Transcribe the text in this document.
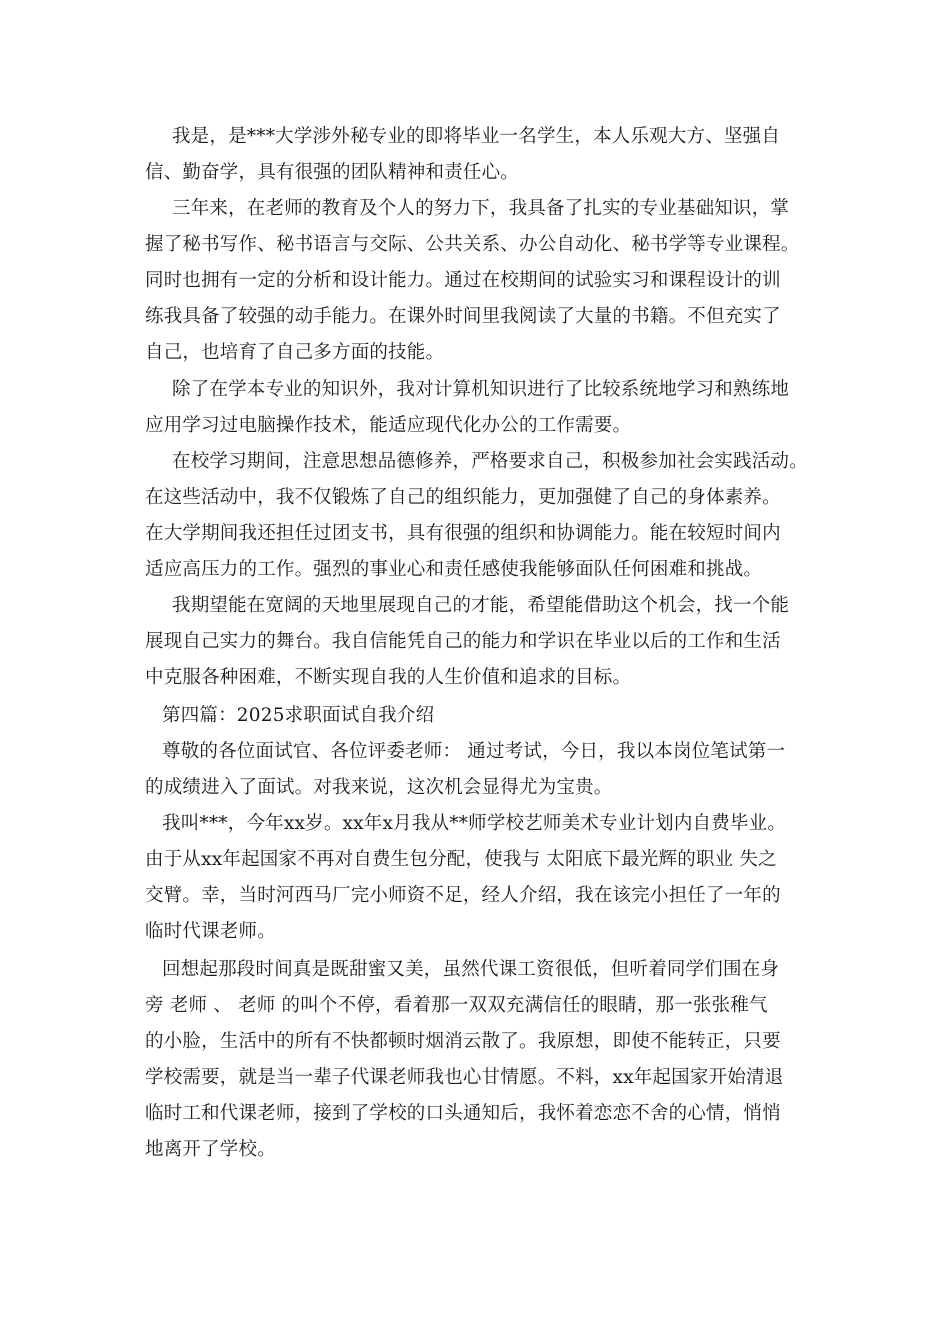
我是，是***大学涉外秘专业的即将毕业一名学生，本人乐观大方、坚强自
信、勤奋学，具有很强的团队精神和责任心。
三年来，在老师的教育及个人的努力下，我具备了扎实的专业基础知识，掌
握了秘书写作、秘书语言与交际、公共关系、办公自动化、秘书学等专业课程。
同时也拥有一定的分析和设计能力。通过在校期间的试验实习和课程设计的训
练我具备了较强的动手能力。在课外时间里我阅读了大量的书籍。不但充实了
自己，也培育了自己多方面的技能。
除了在学本专业的知识外，我对计算机知识进行了比较系统地学习和熟练地
应用学习过电脑操作技术，能适应现代化办公的工作需要。
在校学习期间，注意思想品德修养，严格要求自己，积极参加社会实践活动。
在这些活动中，我不仅锻炼了自己的组织能力，更加强健了自己的身体素养。
在大学期间我还担任过团支书，具有很强的组织和协调能力。能在较短时间内
适应高压力的工作。强烈的事业心和责任感使我能够面队任何困难和挑战。
我期望能在宽阔的天地里展现自己的才能，希望能借助这个机会，找一个能
展现自己实力的舞台。我自信能凭自己的能力和学识在毕业以后的工作和生活
中克服各种困难，不断实现自我的人生价值和追求的目标。
第四篇：2025求职面试自我介绍
尊敬的各位面试官、各位评委老师： 通过考试，今日，我以本岗位笔试第一
的成绩进入了面试。对我来说，这次机会显得尤为宝贵。
我叫***，今年xx岁。xx年x月我从**师学校艺师美术专业计划内自费毕业。
由于从xx年起国家不再对自费生包分配，使我与 太阳底下最光辉的职业 失之
交臂。幸，当时河西马厂完小师资不足，经人介绍，我在该完小担任了一年的
临时代课老师。
回想起那段时间真是既甜蜜又美，虽然代课工资很低，但听着同学们围在身
旁 老师 、 老师 的叫个不停，看着那一双双充满信任的眼睛，那一张张稚气
的小脸，生活中的所有不快都顿时烟消云散了。我原想，即使不能转正，只要
学校需要，就是当一辈子代课老师我也心甘情愿。不料，xx年起国家开始清退
临时工和代课老师，接到了学校的口头通知后，我怀着恋恋不舍的心情，悄悄
地离开了学校。
